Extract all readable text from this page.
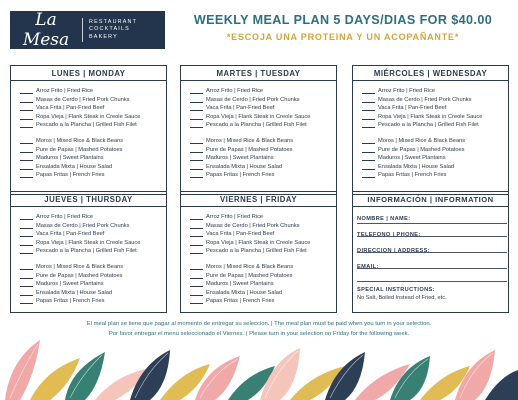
La Mesa
RESTAURANT
COCKTAILS
BAKERY
WEEKLY MEAL PLAN 5 DAYS/DIAS FOR $40.00
*ESCOJA UNA PROTEINA Y UN ACOPAÑANTE*
LUNES | MONDAY
Arroz Frito | Fried Rice
Masas de Cerdo | Fried Pork Chunks
Vaca Frita | Pan-Fried Beef
Ropa Vieja | Flank Steak in Creole Sauce
Pescado a la Plancha | Grilled Fish Filet
Moros | Mixed Rice & Black Beans
Pure de Papas | Mashed Potatoes
Maduros | Sweet Plantains
Ensalada Mixta | House Salad
Papas Fritas | French Fries
MARTES | TUESDAY
Arroz Frito | Fried Rice
Masas de Cerdo | Fried Pork Chunks
Vaca Frita | Pan-Fried Beef
Ropa Vieja | Flank Steak in Creole Sauce
Pescado a la Plancha | Grilled Fish Filet
Moros | Mixed Rice & Black Beans
Pure de Papas | Mashed Potatoes
Maduros | Sweet Plantains
Ensalada Mixta | House Salad
Papas Fritas | French Fries
MIÉRCOLES | WEDNESDAY
Arroz Frito | Fried Rice
Masas de Cerdo | Fried Pork Chunks
Vaca Frita | Pan-Fried Beef
Ropa Vieja | Flank Steak in Creole Sauce
Pescado a la Plancha | Grilled Fish Filet
Moros | Mixed Rice & Black Beans
Pure de Papas | Mashed Potatoes
Maduros | Sweet Plantains
Ensalada Mixta | House Salad
Papas Fritas | French Fries
JUEVES | THURSDAY
Arroz Frito | Fried Rice
Masas de Cerdo | Fried Pork Chunks
Vaca Frita | Pan-Fried Beef
Ropa Vieja | Flank Steak in Creole Sauce
Pescado a la Plancha | Grilled Fish Filet
Moros | Mixed Rice & Black Beans
Pure de Papas | Mashed Potatoes
Maduros | Sweet Plantains
Ensalada Mixta | House Salad
Papas Fritas | French Fries
VIERNES | FRIDAY
Arroz Frito | Fried Rice
Masas de Cerdo | Fried Pork Chunks
Vaca Frita | Pan-Fried Beef
Ropa Vieja | Flank Steak in Creole Sauce
Pescado a la Plancha | Grilled Fish Filet
Moros | Mixed Rice & Black Beans
Pure de Papas | Mashed Potatoes
Maduros | Sweet Plantains
Ensalada Mixta | House Salad
Papas Fritas | French Fries
INFORMACIÓN | INFORMATION
NOMBRE | NAME:
TELEFONO | PHONE:
DIRECCION | ADDRESS:
EMAIL:
SPECIAL INSTRUCTIONS:
No Salt, Boiled Instead of Fried, etc.
El meal plan se tiene que pagar al momento de entregar su seleccion. | The meal plan must be paid when you turn in your selection.
Por favor entregar el menu seleccionado el Viernes. | Please turn in your selection on Friday for the following week.
